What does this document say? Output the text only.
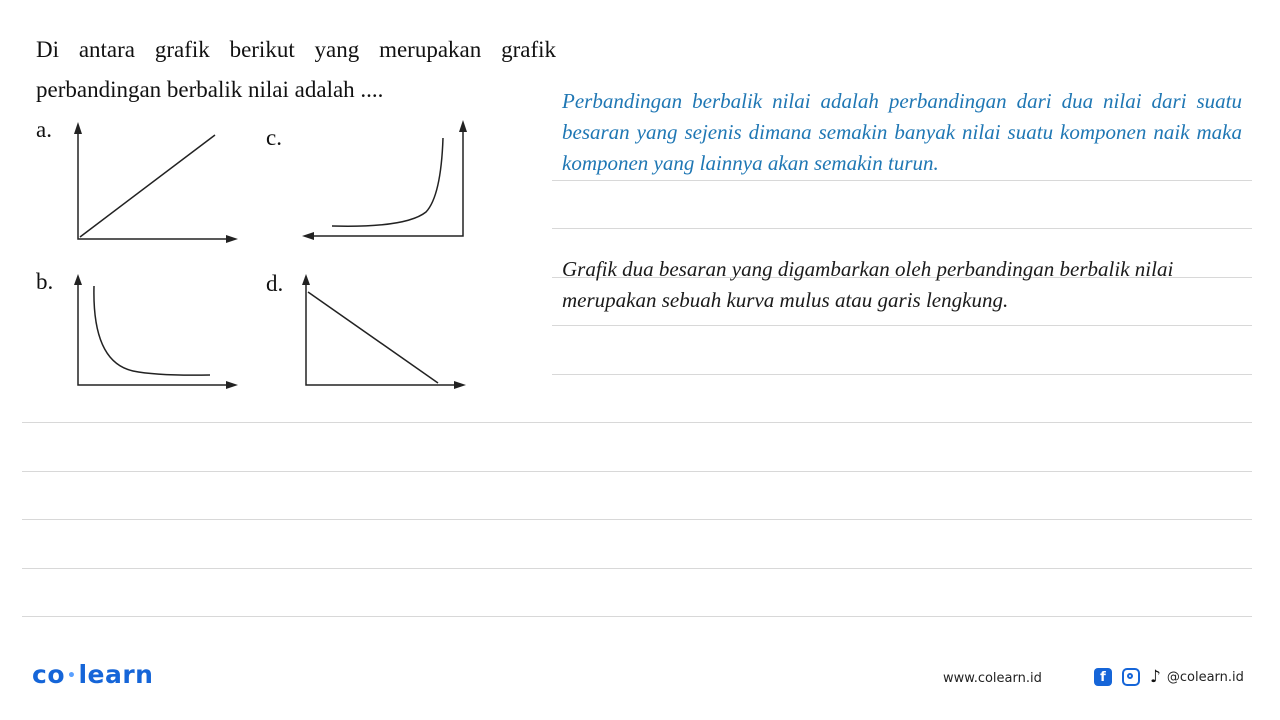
Di antara grafik berikut yang merupakan grafik perbandingan berbalik nilai adalah ....
a.
b.
c.
d.
Perbandingan berbalik nilai adalah perbandingan dari dua nilai dari suatu besaran yang sejenis dimana semakin banyak nilai suatu komponen naik maka komponen yang lainnya akan semakin turun.
Grafik dua besaran yang digambarkan oleh perbandingan berbalik nilai merupakan sebuah kurva mulus atau garis lengkung.
co •learn	www.colearn.id	f	♪ @colearn.id
